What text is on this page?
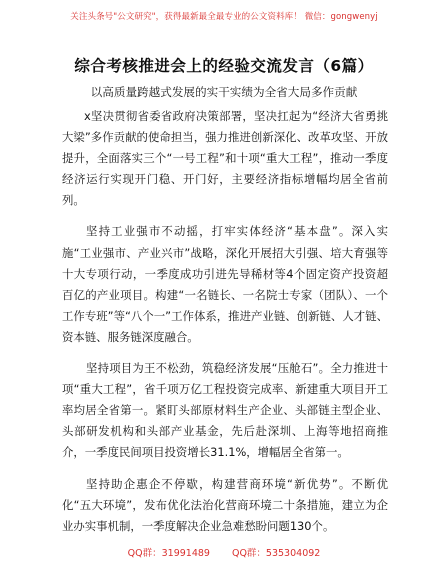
关注头条号"公文研究"，获得最新最全最专业的公文资料库！ 微信：gongwenyj
综合考核推进会上的经验交流发言（6篇）
以高质量跨越式发展的实干实绩为全省大局多作贡献

x坚决贯彻省委省政府决策部署，坚决扛起为“经济大省勇挑大梁”多作贡献的使命担当，强力推进创新深化、改革攻坚、开放提升，全面落实三个“一号工程”和十项“重大工程”，推动一季度经济运行实现开门稳、开门好，主要经济指标增幅均居全省前列。

坚持工业强市不动摇，打牢实体经济“基本盘”。深入实施“工业强市、产业兴市”战略，深化开展招大引强、培大育强等十大专项行动，一季度成功引进先导稀材等4个固定资产投资超百亿的产业项目。构建“一名链长、一名院士专家（团队）、一个工作专班”等“八个一”工作体系，推进产业链、创新链、人才链、资本链、服务链深度融合。

坚持项目为王不松劲，筑稳经济发展“压舱石”。全力推进十项“重大工程”，省千项万亿工程投资完成率、新建重大项目开工率均居全省第一。紧盯头部原材料生产企业、头部链主型企业、头部研发机构和头部产业基金，先后赴深圳、上海等地招商推介，一季度民间项目投资增长31.1%，增幅居全省第一。

坚持助企惠企不停歇，构建营商环境“新优势”。不断优化“五大环境”，发布优化法治化营商环境二十条措施，建立为企业办实事机制，一季度解决企业急难愁盼问题130个。

QQ群：31991489 QQ群：535304092
